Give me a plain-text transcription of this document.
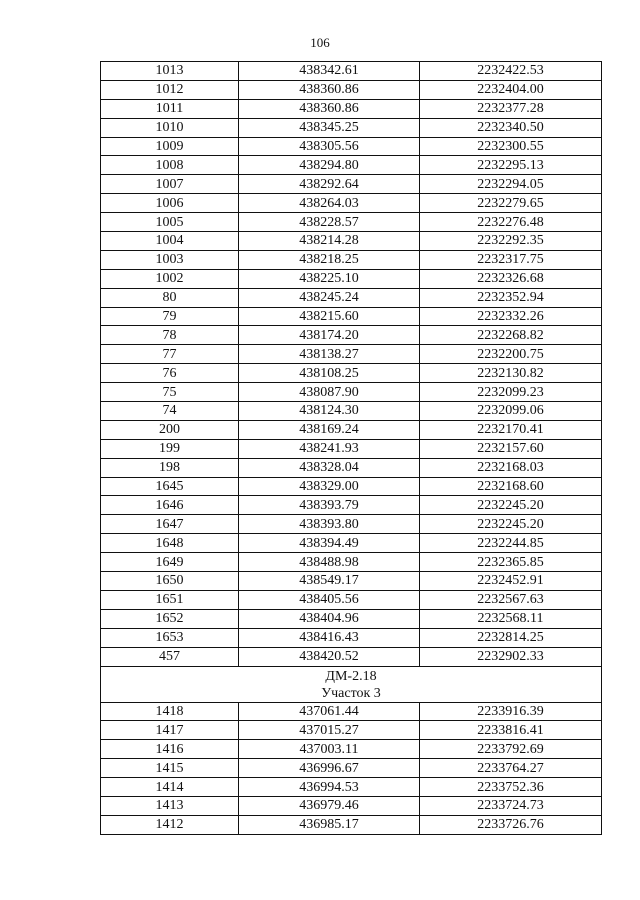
106
1013	438342.61	2232422.53
1012	438360.86	2232404.00
1011	438360.86	2232377.28
1010	438345.25	2232340.50
1009	438305.56	2232300.55
1008	438294.80	2232295.13
1007	438292.64	2232294.05
1006	438264.03	2232279.65
1005	438228.57	2232276.48
1004	438214.28	2232292.35
1003	438218.25	2232317.75
1002	438225.10	2232326.68
80	438245.24	2232352.94
79	438215.60	2232332.26
78	438174.20	2232268.82
77	438138.27	2232200.75
76	438108.25	2232130.82
75	438087.90	2232099.23
74	438124.30	2232099.06
200	438169.24	2232170.41
199	438241.93	2232157.60
198	438328.04	2232168.03
1645	438329.00	2232168.60
1646	438393.79	2232245.20
1647	438393.80	2232245.20
1648	438394.49	2232244.85
1649	438488.98	2232365.85
1650	438549.17	2232452.91
1651	438405.56	2232567.63
1652	438404.96	2232568.11
1653	438416.43	2232814.25
457	438420.52	2232902.33

ДМ-2.18
Участок 3		

1418	437061.44	2233916.39
1417	437015.27	2233816.41
1416	437003.11	2233792.69
1415	436996.67	2233764.27
1414	436994.53	2233752.36
1413	436979.46	2233724.73
1412	436985.17	2233726.76
